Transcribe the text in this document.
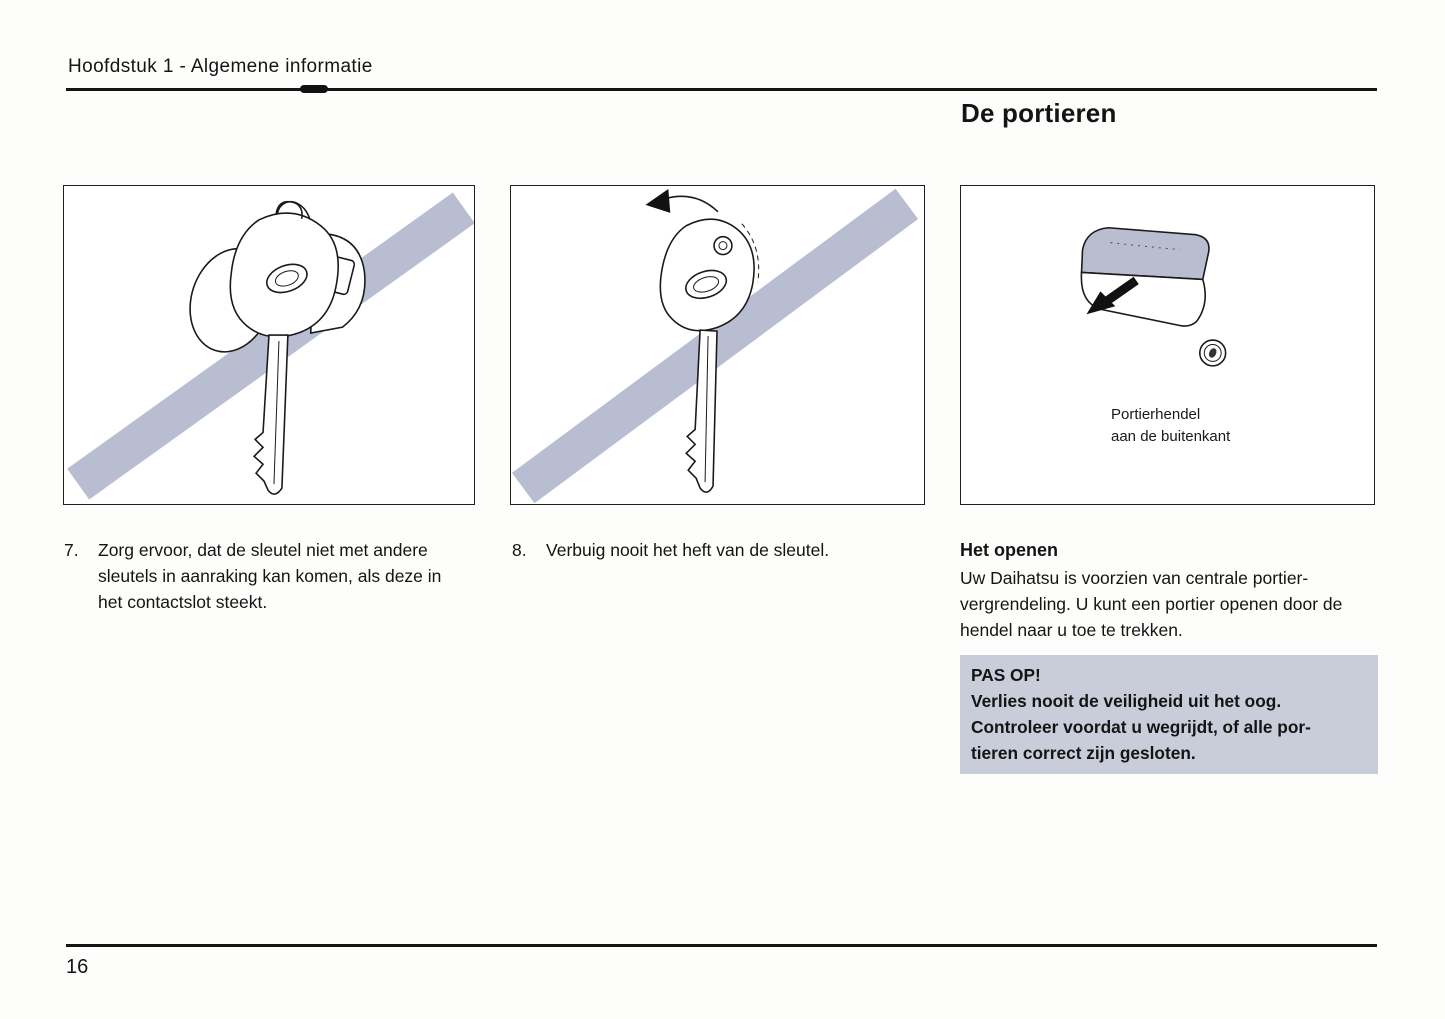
Hoofdstuk 1 - Algemene informatie
De portieren
Portierhendel
aan de buitenkant
7.	Zorg ervoor, dat de sleutel niet met andere
sleutels in aanraking kan komen, als deze in
het contactslot steekt.
8.	Verbuig nooit het heft van de sleutel.	Het openen
Uw Daihatsu is voorzien van centrale portier-
vergrendeling. U kunt een portier openen door de
hendel naar u toe te trekken.
PAS OP!
Verlies nooit de veiligheid uit het oog.
Controleer voordat u wegrijdt, of alle por-
tieren correct zijn gesloten.
16
